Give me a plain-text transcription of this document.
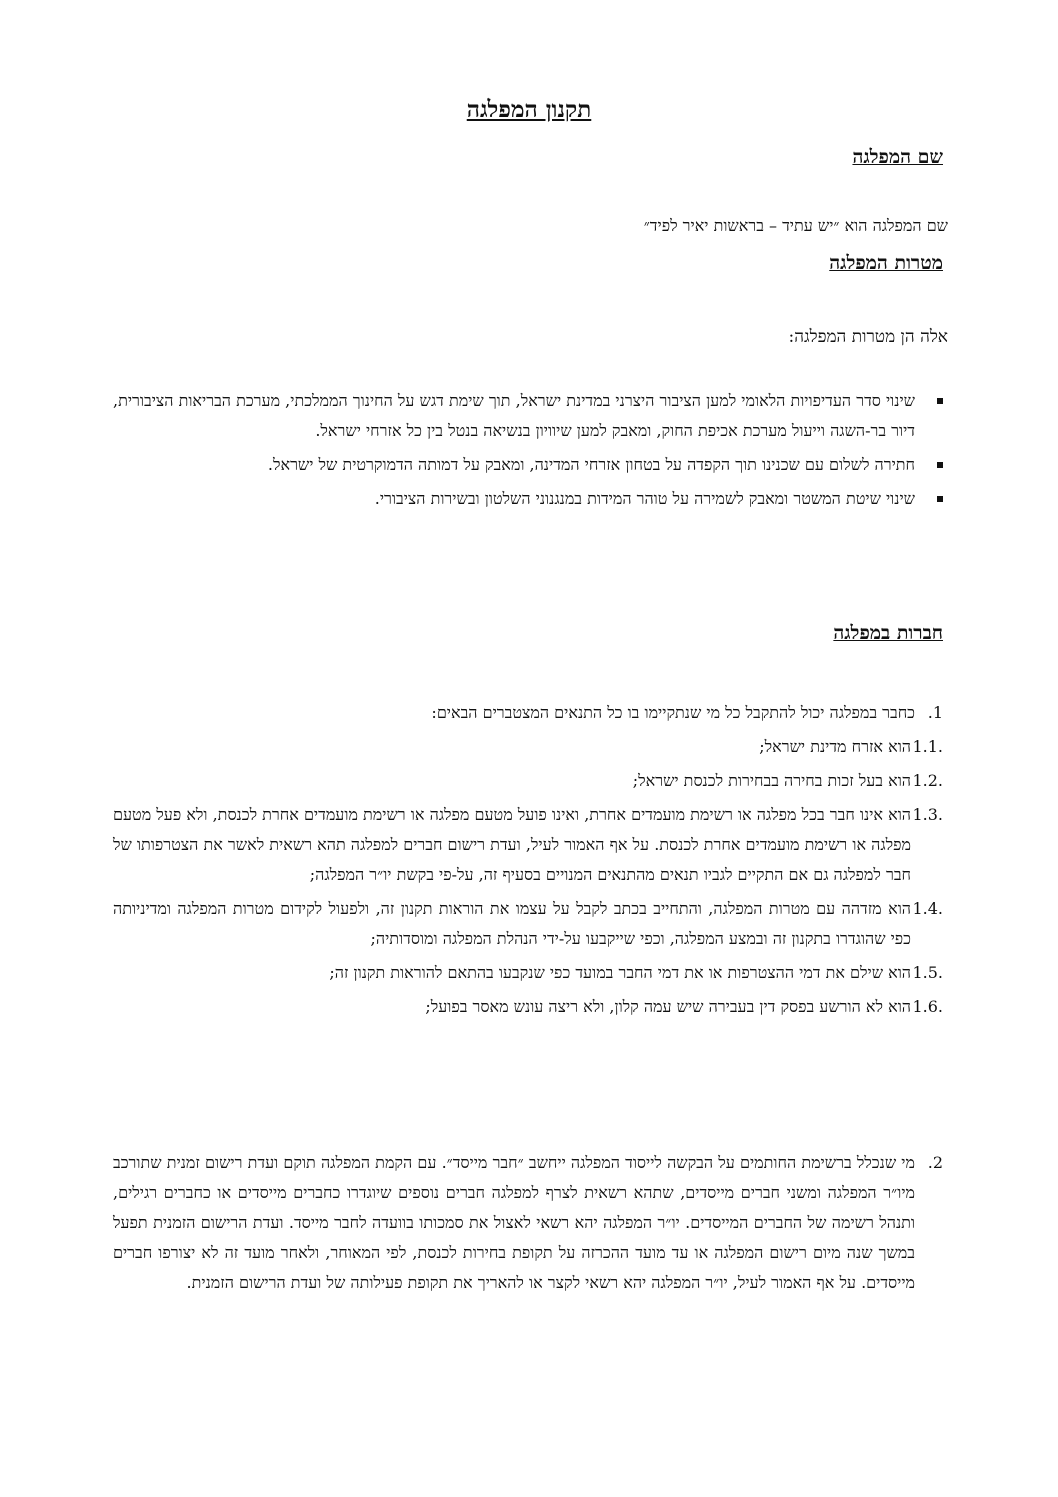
תקנון המפלגה
שם המפלגה

שם המפלגה הוא ״יש עתיד – בראשות יאיר לפיד״

מטרות המפלגה

אלה הן מטרות המפלגה:

שינוי סדר העדיפויות הלאומי למען הציבור היצרני במדינת ישראל, תוך שימת דגש על החינוך הממלכתי, מערכת הבריאות הציבורית, דיור בר-השגה וייעול מערכת אכיפת החוק, ומאבק למען שיוויון בנשיאה בנטל בין כל אזרחי ישראל.
חתירה לשלום עם שכנינו תוך הקפדה על בטחון אזרחי המדינה, ומאבק על דמותה הדמוקרטית של ישראל.
שינוי שיטת המשטר ומאבק לשמירה על טוהר המידות במנגנוני השלטון ובשירות הציבורי.
חברות במפלגה
1.
כחבר במפלגה יכול להתקבל כל מי שנתקיימו בו כל התנאים המצטברים הבאים:
1.1.
הוא אזרח מדינת ישראל;
1.2.
הוא בעל זכות בחירה בבחירות לכנסת ישראל;
1.3.
הוא אינו חבר בכל מפלגה או רשימת מועמדים אחרת, ואינו פועל מטעם מפלגה או רשימת מועמדים אחרת לכנסת, ולא פעל מטעם מפלגה או רשימת מועמדים אחרת לכנסת. על אף האמור לעיל, ועדת רישום חברים למפלגה תהא רשאית לאשר את הצטרפותו של חבר למפלגה גם אם התקיים לגביו תנאים מהתנאים המנויים בסעיף זה, על-פי בקשת יו״ר המפלגה;
1.4.
הוא מזדהה עם מטרות המפלגה, והתחייב בכתב לקבל על עצמו את הוראות תקנון זה, ולפעול לקידום מטרות המפלגה ומדיניותה כפי שהוגדרו בתקנון זה ובמצע המפלגה, וכפי שייקבעו על-ידי הנהלת המפלגה ומוסדותיה;
1.5.
הוא שילם את דמי ההצטרפות או את דמי החבר במועד כפי שנקבעו בהתאם להוראות תקנון זה;
1.6.
הוא לא הורשע בפסק דין בעבירה שיש עמה קלון, ולא ריצה עונש מאסר בפועל;
2.
מי שנכלל ברשימת החותמים על הבקשה לייסוד המפלגה ייחשב ״חבר מייסד״. עם הקמת המפלגה תוקם ועדת רישום זמנית שתורכב מיו״ר המפלגה ומשני חברים מייסדים, שתהא רשאית לצרף למפלגה חברים נוספים שיוגדרו כחברים מייסדים או כחברים רגילים, ותנהל רשימה של החברים המייסדים. יו״ר המפלגה יהא רשאי לאצול את סמכותו בוועדה לחבר מייסד. ועדת הרישום הזמנית תפעל במשך שנה מיום רישום המפלגה או עד מועד ההכרזה על תקופת בחירות לכנסת, לפי המאוחר, ולאחר מועד זה לא יצורפו חברים מייסדים. על אף האמור לעיל, יו״ר המפלגה יהא רשאי לקצר או להאריך את תקופת פעילותה של ועדת הרישום הזמנית.
